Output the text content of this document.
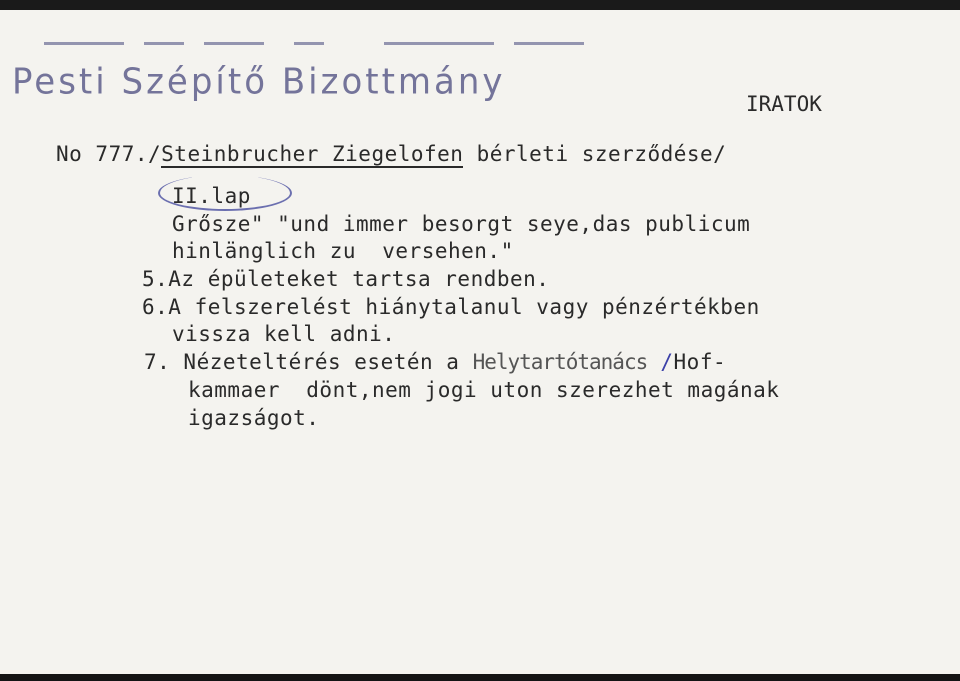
Pesti Szépítő Bizottmány
IRATOK
No 777./Steinbrucher Ziegelofen bérleti szerződése/
II.lap
Grősze" "und immer besorgt seye,das publicum
hinlänglich zu  versehen."
5.Az épületeket tartsa rendben.
6.A felszerelést hiánytalanul vagy pénzértékben
vissza kell adni.
7. Nézeteltérés esetén a Helytartótanács /Hof-
kammaer  dönt,nem jogi uton szerezhet magának
igazságot.
